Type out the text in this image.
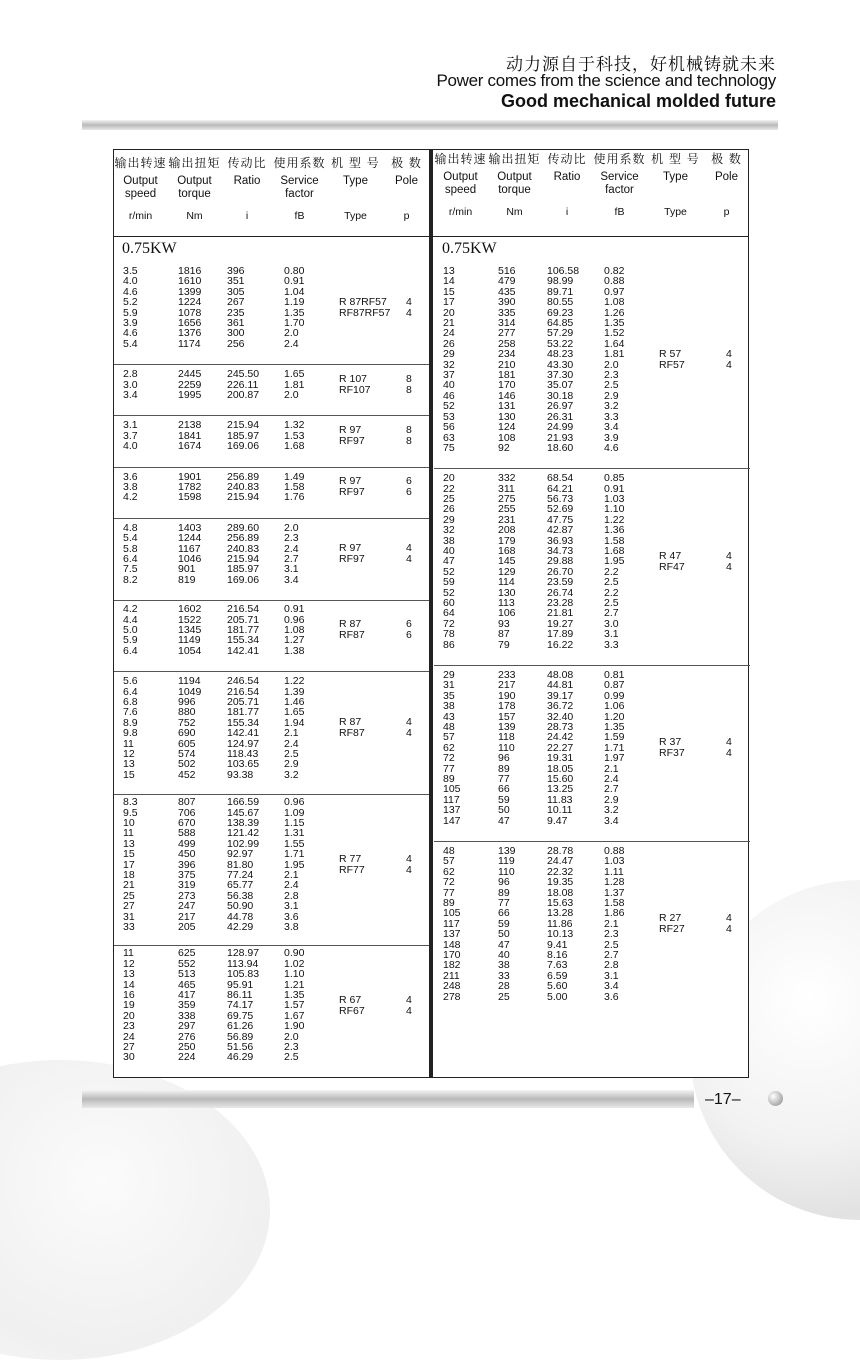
动力源自于科技，好机械铸就未来
Power comes from the science and technology
Good mechanical molded future
输出转速
Output
speed
r/min
输出扭矩
Output
torque
Nm
传动比
Ratio

i
使用系数
Service
factor
fB
机 型 号
Type

Type
极 数
Pole

p
0.75KW
输出转速
Output
speed
r/min
输出扭矩
Output
torque
Nm
传动比
Ratio

i
使用系数
Service
factor
fB
机 型 号
Type

Type
极 数
Pole

p
0.75KW
3.5
4.0
4.6
5.2
5.9
3.9
4.6
5.4
1816
1610
1399
1224
1078
1656
1376
1174
396
351
305
267
235
361
300
256
0.80
0.91
1.04
1.19
1.35
1.70
2.0
2.4
R 87RF57
RF87RF57
4
4
2.8
3.0
3.4
2445
2259
1995
245.50
226.11
200.87
1.65
1.81
2.0
R 107
RF107
8
8
3.1
3.7
4.0
2138
1841
1674
215.94
185.97
169.06
1.32
1.53
1.68
R 97
RF97
8
8
3.6
3.8
4.2
1901
1782
1598
256.89
240.83
215.94
1.49
1.58
1.76
R 97
RF97
6
6
4.8
5.4
5.8
6.4
7.5
8.2
1403
1244
1167
1046
901
819
289.60
256.89
240.83
215.94
185.97
169.06
2.0
2.3
2.4
2.7
3.1
3.4
R 97
RF97
4
4
4.2
4.4
5.0
5.9
6.4
1602
1522
1345
1149
1054
216.54
205.71
181.77
155.34
142.41
0.91
0.96
1.08
1.27
1.38
R 87
RF87
6
6
5.6
6.4
6.8
7.6
8.9
9.8
11
12
13
15
1194
1049
996
880
752
690
605
574
502
452
246.54
216.54
205.71
181.77
155.34
142.41
124.97
118.43
103.65
93.38
1.22
1.39
1.46
1.65
1.94
2.1
2.4
2.5
2.9
3.2
R 87
RF87
4
4
8.3
9.5
10
11
13
15
17
18
21
25
27
31
33
807
706
670
588
499
450
396
375
319
273
247
217
205
166.59
145.67
138.39
121.42
102.99
92.97
81.80
77.24
65.77
56.38
50.90
44.78
42.29
0.96
1.09
1.15
1.31
1.55
1.71
1.95
2.1
2.4
2.8
3.1
3.6
3.8
R 77
RF77
4
4
11
12
13
14
16
19
20
23
24
27
30
625
552
513
465
417
359
338
297
276
250
224
128.97
113.94
105.83
95.91
86.11
74.17
69.75
61.26
56.89
51.56
46.29
0.90
1.02
1.10
1.21
1.35
1.57
1.67
1.90
2.0
2.3
2.5
R 67
RF67
4
4
13
14
15
17
20
21
24
26
29
32
37
40
46
52
53
56
63
75
516
479
435
390
335
314
277
258
234
210
181
170
146
131
130
124
108
92
106.58
98.99
89.71
80.55
69.23
64.85
57.29
53.22
48.23
43.30
37.30
35.07
30.18
26.97
26.31
24.99
21.93
18.60
0.82
0.88
0.97
1.08
1.26
1.35
1.52
1.64
1.81
2.0
2.3
2.5
2.9
3.2
3.3
3.4
3.9
4.6
R 57
RF57
4
4
20
22
25
26
29
32
38
40
47
52
59
52
60
64
72
78
86
332
311
275
255
231
208
179
168
145
129
114
130
113
106
93
87
79
68.54
64.21
56.73
52.69
47.75
42.87
36.93
34.73
29.88
26.70
23.59
26.74
23.28
21.81
19.27
17.89
16.22
0.85
0.91
1.03
1.10
1.22
1.36
1.58
1.68
1.95
2.2
2.5
2.2
2.5
2.7
3.0
3.1
3.3
R 47
RF47
4
4
29
31
35
38
43
48
57
62
72
77
89
105
117
137
147
233
217
190
178
157
139
118
110
96
89
77
66
59
50
47
48.08
44.81
39.17
36.72
32.40
28.73
24.42
22.27
19.31
18.05
15.60
13.25
11.83
10.11
9.47
0.81
0.87
0.99
1.06
1.20
1.35
1.59
1.71
1.97
2.1
2.4
2.7
2.9
3.2
3.4
R 37
RF37
4
4
48
57
62
72
77
89
105
117
137
148
170
182
211
248
278
139
119
110
96
89
77
66
59
50
47
40
38
33
28
25
28.78
24.47
22.32
19.35
18.08
15.63
13.28
11.86
10.13
9.41
8.16
7.63
6.59
5.60
5.00
0.88
1.03
1.11
1.28
1.37
1.58
1.86
2.1
2.3
2.5
2.7
2.8
3.1
3.4
3.6
R 27
RF27
4
4
–17–
